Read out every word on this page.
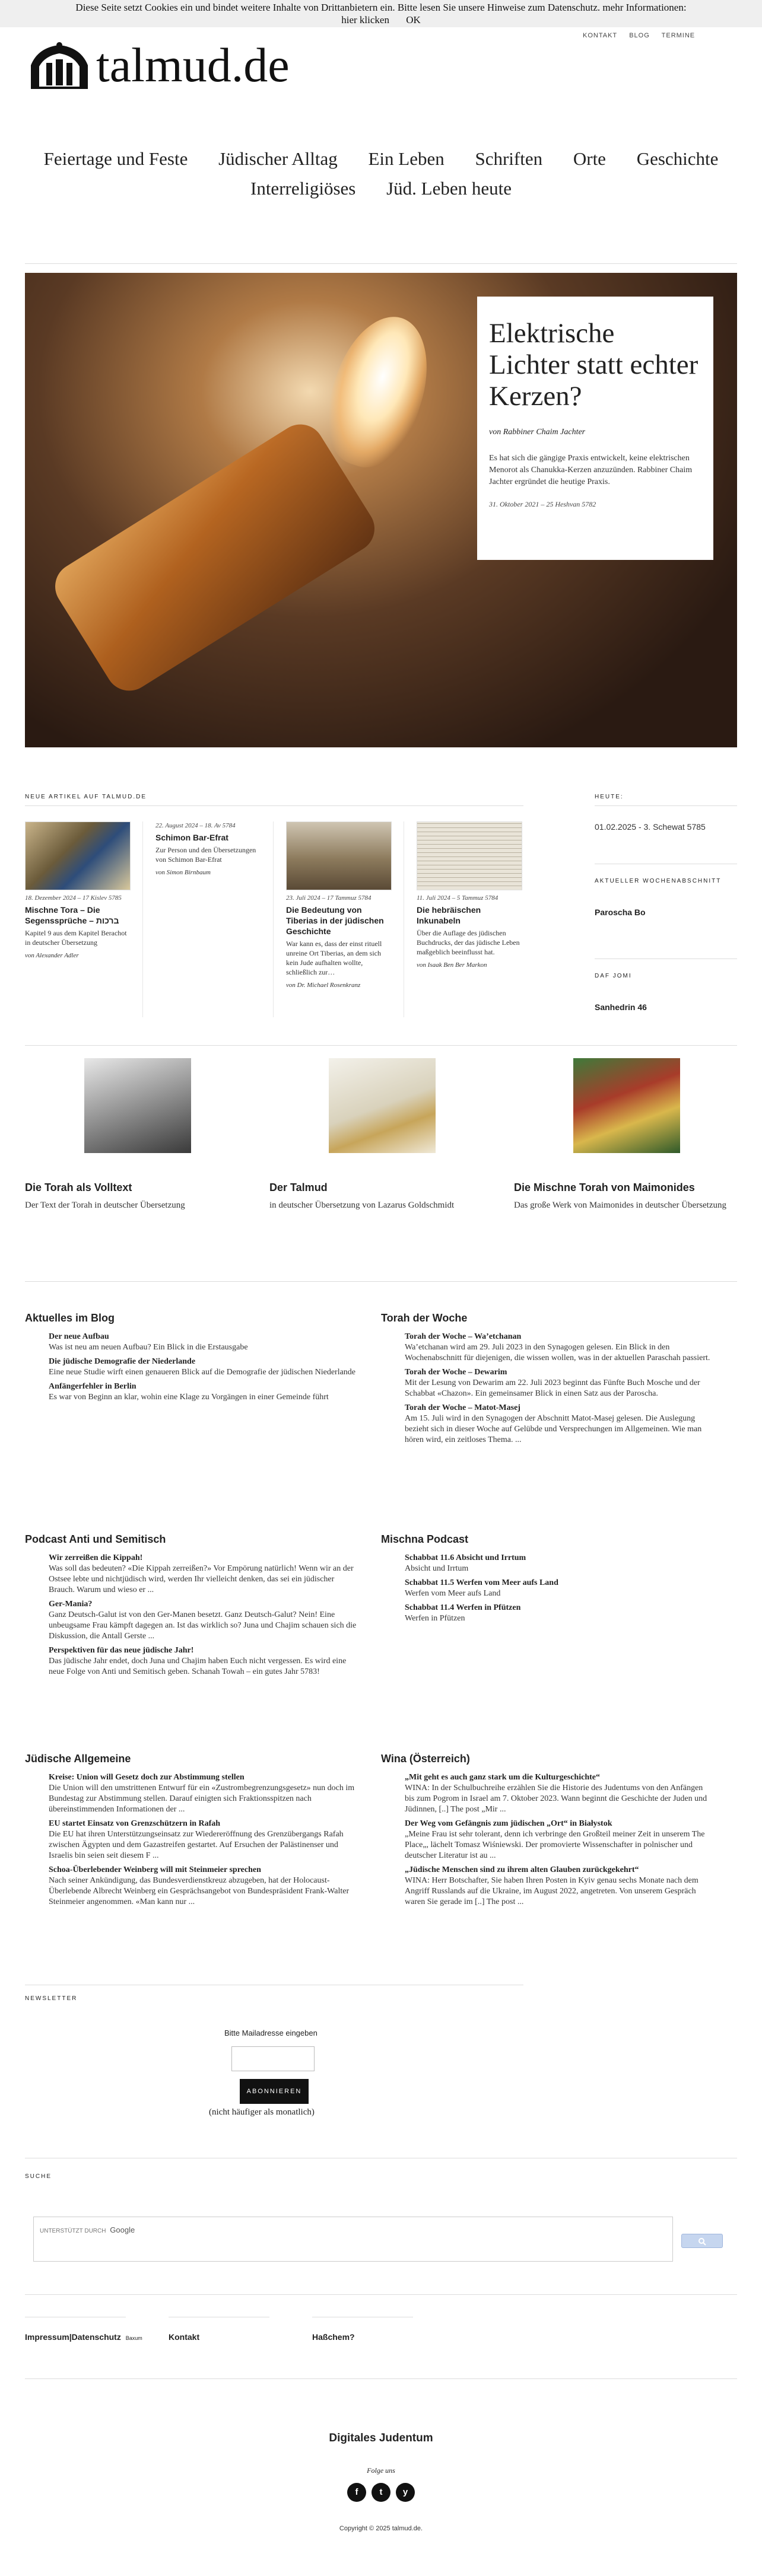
Diese Seite setzt Cookies ein und bindet weitere Inhalte von Drittanbietern ein. Bitte lesen Sie unsere Hinweise zum Datenschutz. mehr Informationen:
hier klicken OK
KONTAKT BLOG TERMINE
talmud.de
Feiertage und Feste Jüdischer Alltag Ein Leben Schriften Orte Geschichte
Interreligiöses Jüd. Leben heute
Elektrische Lichter statt echter Kerzen?
von Rabbiner Chaim Jachter
Es hat sich die gängige Praxis entwickelt, keine elektrischen Menorot als Chanukka-Kerzen anzuzünden. Rabbiner Chaim Jachter ergründet die heutige Praxis.
31. Oktober 2021 – 25 Heshvan 5782
NEUE ARTIKEL AUF TALMUD.DE
18. Dezember 2024 – 17 Kislev 5785
Mischne Tora – Die Segenssprüche – ברכות
Kapitel 9 aus dem Kapitel Berachot in deutscher Übersetzung
von Alexander Adler
22. August 2024 – 18. Av 5784
Schimon Bar-Efrat
Zur Person und den Übersetzungen von Schimon Bar-Efrat
von Simon Birnbaum
23. Juli 2024 – 17 Tammuz 5784
Die Bedeutung von Tiberias in der jüdischen Geschichte
War kann es, dass der einst rituell unreine Ort Tiberias, an dem sich kein Jude aufhalten wollte, schließlich zur…
von Dr. Michael Rosenkranz
11. Juli 2024 – 5 Tammuz 5784
Die hebräischen Inkunabeln
Über die Auflage des jüdischen Buchdrucks, der das jüdische Leben maßgeblich beeinflusst hat.
von Isaak Ben Ber Markon
HEUTE:
01.02.2025 - 3. Schewat 5785
AKTUELLER WOCHENABSCHNITT
Paroscha Bo
DAF JOMI
Sanhedrin 46
Die Torah als Volltext
Der Text der Torah in deutscher Übersetzung
Der Talmud
in deutscher Übersetzung von Lazarus Goldschmidt
Die Mischne Torah von Maimonides
Das große Werk von Maimonides in deutscher Übersetzung
Aktuelles im Blog
Der neue Aufbau
Was ist neu am neuen Aufbau? Ein Blick in die Erstausgabe
Die jüdische Demografie der Niederlande
Eine neue Studie wirft einen genaueren Blick auf die Demografie der jüdischen Niederlande
Anfängerfehler in Berlin
Es war von Beginn an klar, wohin eine Klage zu Vorgängen in einer Gemeinde führt
Torah der Woche
Torah der Woche – Wa’etchanan
Wa’etchanan wird am 29. Juli 2023 in den Synagogen gelesen. Ein Blick in den Wochenabschnitt für diejenigen, die wissen wollen, was in der aktuellen Paraschah passiert.
Torah der Woche – Dewarim
Mit der Lesung von Dewarim am 22. Juli 2023 beginnt das Fünfte Buch Mosche und der Schabbat «Chazon». Ein gemeinsamer Blick in einen Satz aus der Paroscha.
Torah der Woche – Matot-Masej
Am 15. Juli wird in den Synagogen der Abschnitt Matot-Masej gelesen. Die Auslegung bezieht sich in dieser Woche auf Gelübde und Versprechungen im Allgemeinen. Wie man hören wird, ein zeitloses Thema. ...
Podcast Anti und Semitisch
Wir zerreißen die Kippah!
Was soll das bedeuten? «Die Kippah zerreißen?» Vor Empörung natürlich! Wenn wir an der Ostsee lebte und nichtjüdisch wird, werden Ihr vielleicht denken, das sei ein jüdischer Brauch. Warum und wieso er ...
Ger-Mania?
Ganz Deutsch-Galut ist von den Ger-Manen besetzt. Ganz Deutsch-Galut? Nein! Eine unbeugsame Frau kämpft dagegen an. Ist das wirklich so? Juna und Chajim schauen sich die Diskussion, die Antall Gerste ...
Perspektiven für das neue jüdische Jahr!
Das jüdische Jahr endet, doch Juna und Chajim haben Euch nicht vergessen. Es wird eine neue Folge von Anti und Semitisch geben. Schanah Towah – ein gutes Jahr 5783!
Mischna Podcast
Schabbat 11.6 Absicht und Irrtum
Absicht und Irrtum
Schabbat 11.5 Werfen vom Meer aufs Land
Werfen vom Meer aufs Land
Schabbat 11.4 Werfen in Pfützen
Werfen in Pfützen
Jüdische Allgemeine
Kreise: Union will Gesetz doch zur Abstimmung stellen
Die Union will den umstrittenen Entwurf für ein «Zustrombegrenzungsgesetz» nun doch im Bundestag zur Abstimmung stellen. Darauf einigten sich Fraktionsspitzen nach übereinstimmenden Informationen der ...
EU startet Einsatz von Grenzschützern in Rafah
Die EU hat ihren Unterstützungseinsatz zur Wiedereröffnung des Grenzübergangs Rafah zwischen Ägypten und dem Gazastreifen gestartet. Auf Ersuchen der Palästinenser und Israelis bin seien seit diesem F ...
Schoa-Überlebender Weinberg will mit Steinmeier sprechen
Nach seiner Ankündigung, das Bundesverdienstkreuz abzugeben, hat der Holocaust-Überlebende Albrecht Weinberg ein Gesprächsangebot von Bundespräsident Frank-Walter Steinmeier angenommen. «Man kann nur ...
Wina (Österreich)
„Mit geht es auch ganz stark um die Kulturgeschichte“
WINA: In der Schulbuchreihe erzählen Sie die Historie des Judentums von den Anfängen bis zum Pogrom in Israel am 7. Oktober 2023. Wann beginnt die Geschichte der Juden und Jüdinnen, [..] The post „Mir ...
Der Weg vom Gefängnis zum jüdischen „Ort“ in Białystok
„Meine Frau ist sehr tolerant, denn ich verbringe den Großteil meiner Zeit in unserem The Place„, lächelt Tomasz Wiśniewski. Der promovierte Wissenschafter in polnischer und deutscher Literatur ist au ...
„Jüdische Menschen sind zu ihrem alten Glauben zurückgekehrt“
WINA: Herr Botschafter, Sie haben Ihren Posten in Kyiv genau sechs Monate nach dem Angriff Russlands auf die Ukraine, im August 2022, angetreten. Von unserem Gespräch waren Sie gerade im [..] The post ...
NEWSLETTER
Bitte Mailadresse eingeben
ABONNIEREN
(nicht häufiger als monatlich)
SUCHE
UNTERSTÜTZT DURCH Google
Impressum|Datenschutz Baxum	Kontakt	Haßchem?
Digitales Judentum
Folge uns
f	t	y
Copyright © 2025 talmud.de.
